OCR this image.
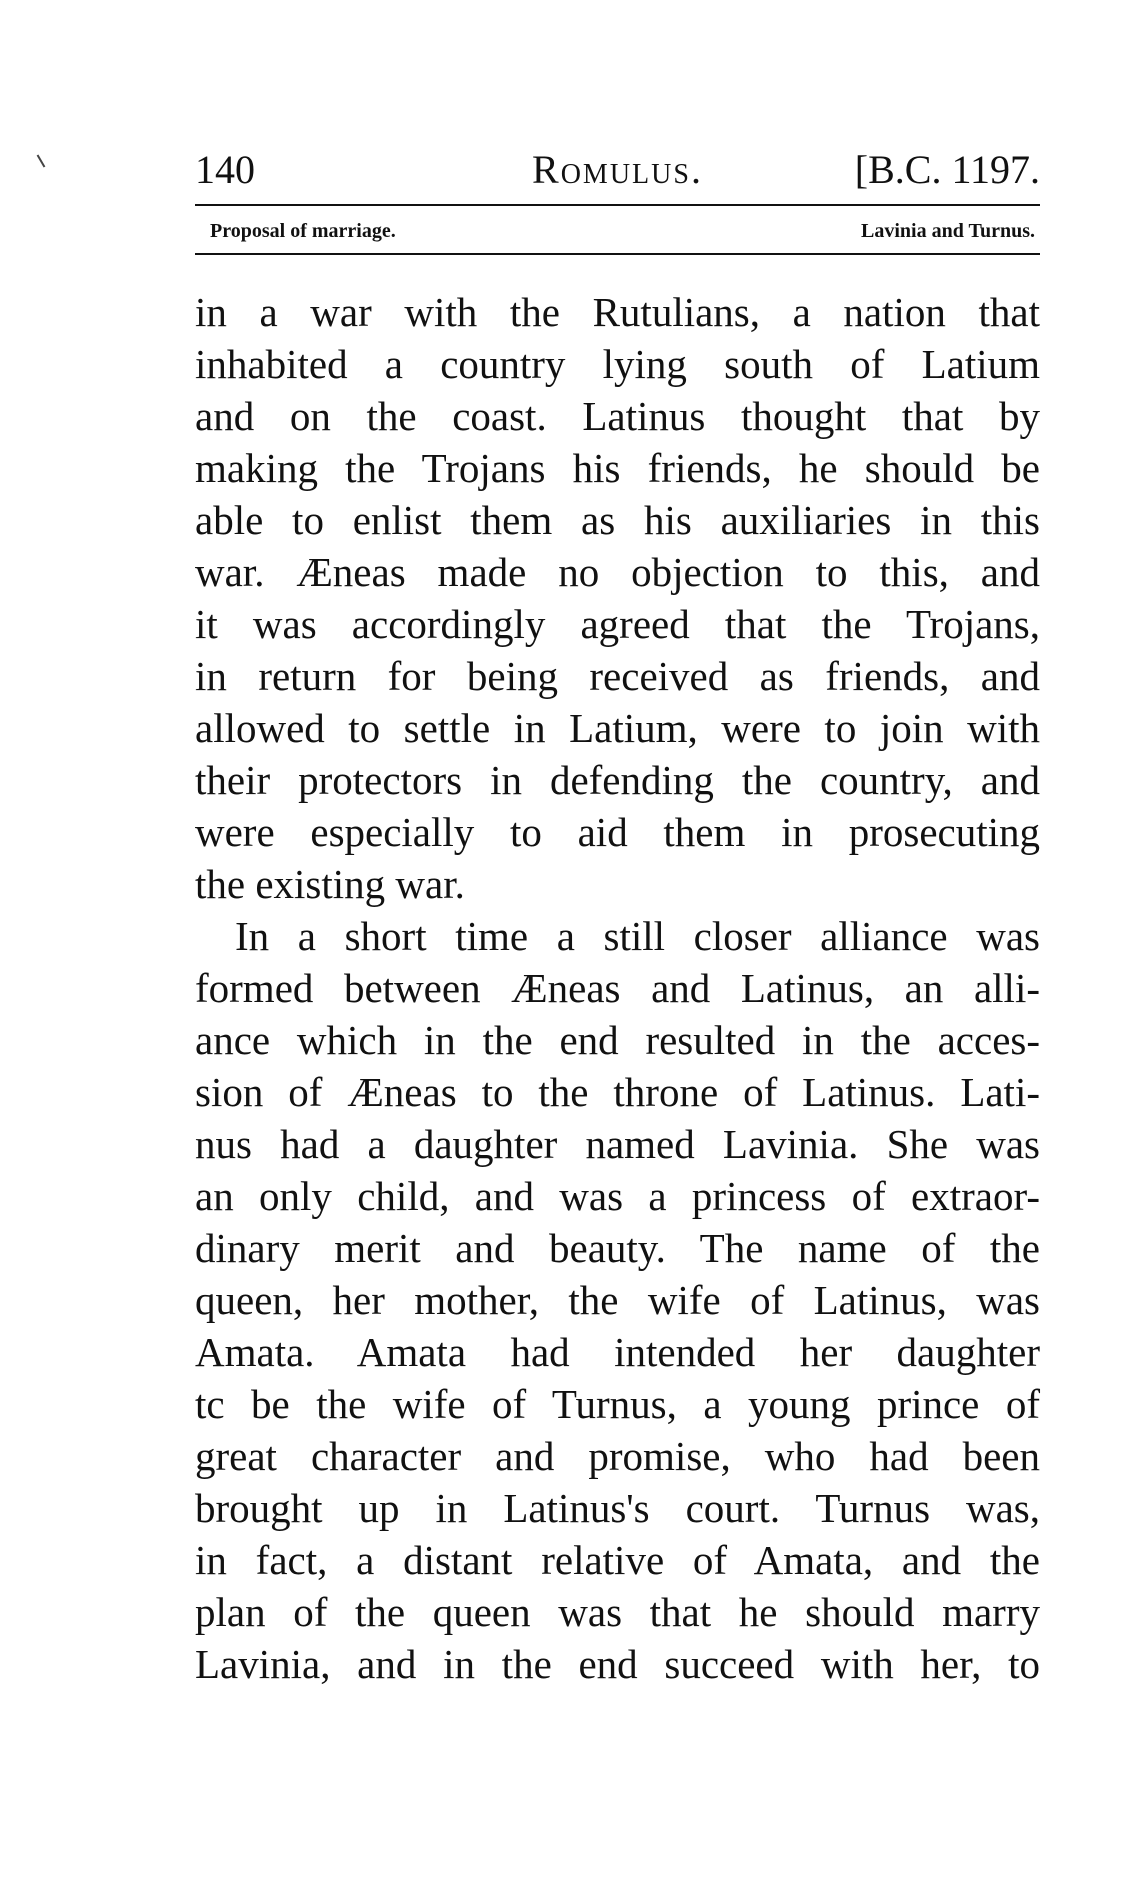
140	Romulus.	[B.C. 1197.
Proposal of marriage.	Lavinia and Turnus.
in a war with the Rutulians, a nation that
inhabited a country lying south of Latium
and on the coast. Latinus thought that by
making the Trojans his friends, he should be
able to enlist them as his auxiliaries in this
war. Æneas made no objection to this, and
it was accordingly agreed that the Trojans,
in return for being received as friends, and
allowed to settle in Latium, were to join with
their protectors in defending the country, and
were especially to aid them in prosecuting
the existing war.
In a short time a still closer alliance was
formed between Æneas and Latinus, an alli-
ance which in the end resulted in the acces-
sion of Æneas to the throne of Latinus. Lati-
nus had a daughter named Lavinia. She was
an only child, and was a princess of extraor-
dinary merit and beauty. The name of the
queen, her mother, the wife of Latinus, was
Amata. Amata had intended her daughter
tc be the wife of Turnus, a young prince of
great character and promise, who had been
brought up in Latinus's court. Turnus was,
in fact, a distant relative of Amata, and the
plan of the queen was that he should marry
Lavinia, and in the end succeed with her, to
